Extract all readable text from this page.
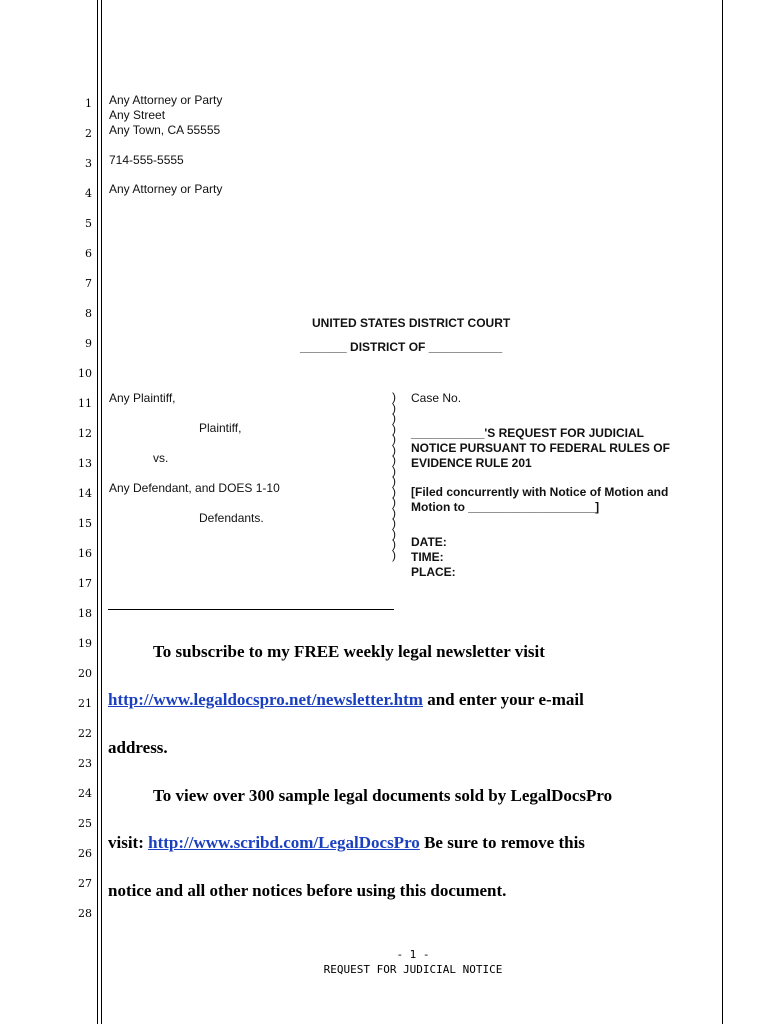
1
2
3
4
5
6
7
8
9
10
11
12
13
14
15
16
17
18
19
20
21
22
23
24
25
26
27
28
Any Attorney or Party
Any Street
Any Town, CA 55555
714-555-5555
Any Attorney or Party
UNITED STATES DISTRICT COURT
_______ DISTRICT OF ___________
Any Plaintiff,
Plaintiff,
vs.
Any Defendant, and DOES 1-10
Defendants.
)
)
)
)
)
)
)
)
)
)
)
)
)
)
)
)
Case No.
___________'S REQUEST FOR JUDICIAL
NOTICE PURSUANT TO FEDERAL RULES OF
EVIDENCE RULE 201
[Filed concurrently with Notice of Motion and
Motion to ___________________]
DATE:
TIME:
PLACE:
To subscribe to my FREE weekly legal newsletter visit
http://www.legaldocspro.net/newsletter.htm and enter your e-mail
address.
To view over 300 sample legal documents sold by LegalDocsPro
visit: http://www.scribd.com/LegalDocsPro Be sure to remove this
notice and all other notices before using this document.
- 1 -
REQUEST FOR JUDICIAL NOTICE
